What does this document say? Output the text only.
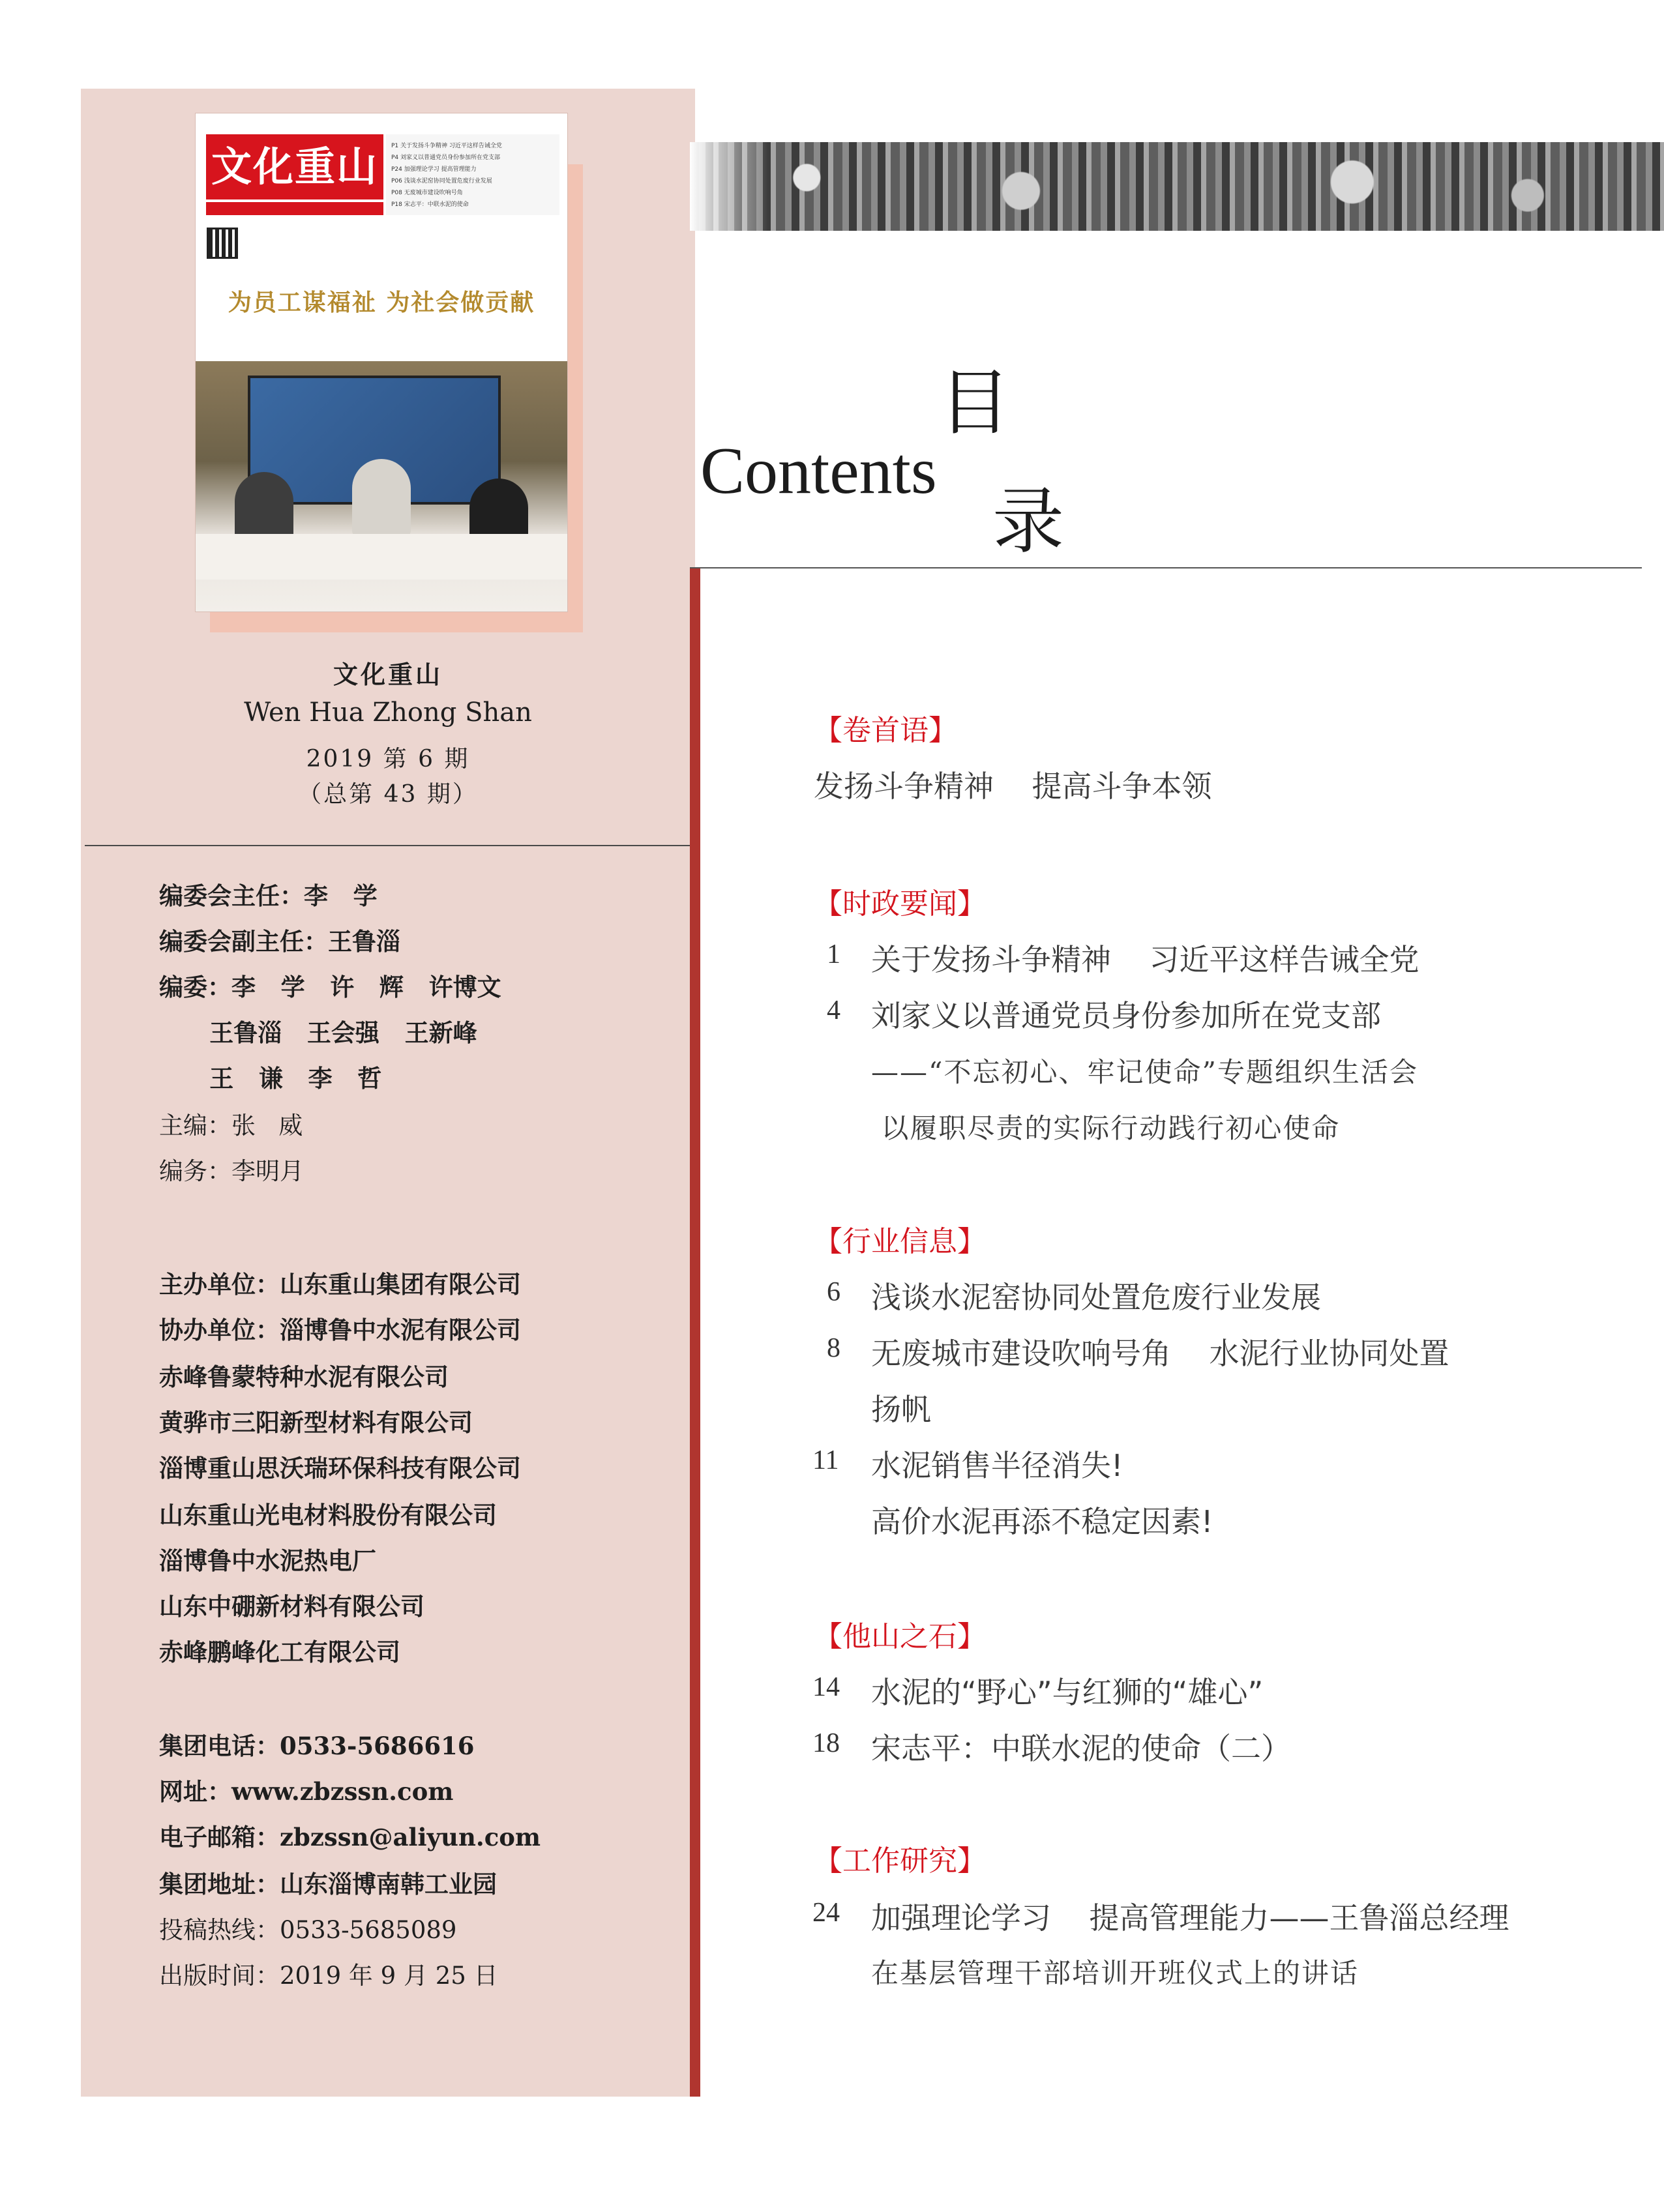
文化重山	P1 关于发扬斗争精神 习近平这样告诫全党
P4 刘家义以普通党员身份参加所在党支部
P24 加强理论学习 提高管理能力
P06 浅谈水泥窑协同处置危废行业发展
P08 无废城市建设吹响号角
P18 宋志平：中联水泥的使命
为员工谋福祉 为社会做贡献
文化重山
Wen Hua Zhong Shan
2019 第 6 期
（总第 43 期）
编委会主任：李   学
编委会副主任：王鲁淄
编委：李   学   许   辉   许博文
王鲁淄   王会强   王新峰
王   谦   李   哲
主编：张   威
编务：李明月
主办单位：山东重山集团有限公司
协办单位：淄博鲁中水泥有限公司
赤峰鲁蒙特种水泥有限公司
黄骅市三阳新型材料有限公司
淄博重山思沃瑞环保科技有限公司
山东重山光电材料股份有限公司
淄博鲁中水泥热电厂
山东中硼新材料有限公司
赤峰鹏峰化工有限公司
集团电话：0533-5686616
网址：www.zbzssn.com
电子邮箱：zbzssn@aliyun.com
集团地址：山东淄博南韩工业园
投稿热线：0533-5685089
出版时间：2019 年 9 月 25 日
目
Contents
录
【卷首语】
发扬斗争精神    提高斗争本领
【时政要闻】
1	关于发扬斗争精神    习近平这样告诫全党
4	刘家义以普通党员身份参加所在党支部
——“不忘初心、牢记使命”专题组织生活会
以履职尽责的实际行动践行初心使命
【行业信息】
6	浅谈水泥窑协同处置危废行业发展
8	无废城市建设吹响号角    水泥行业协同处置
扬帆
11	水泥销售半径消失!
高价水泥再添不稳定因素!
【他山之石】
14	水泥的“野心”与红狮的“雄心”
18	宋志平：中联水泥的使命（二）
【工作研究】
24	加强理论学习    提高管理能力——王鲁淄总经理
在基层管理干部培训开班仪式上的讲话
